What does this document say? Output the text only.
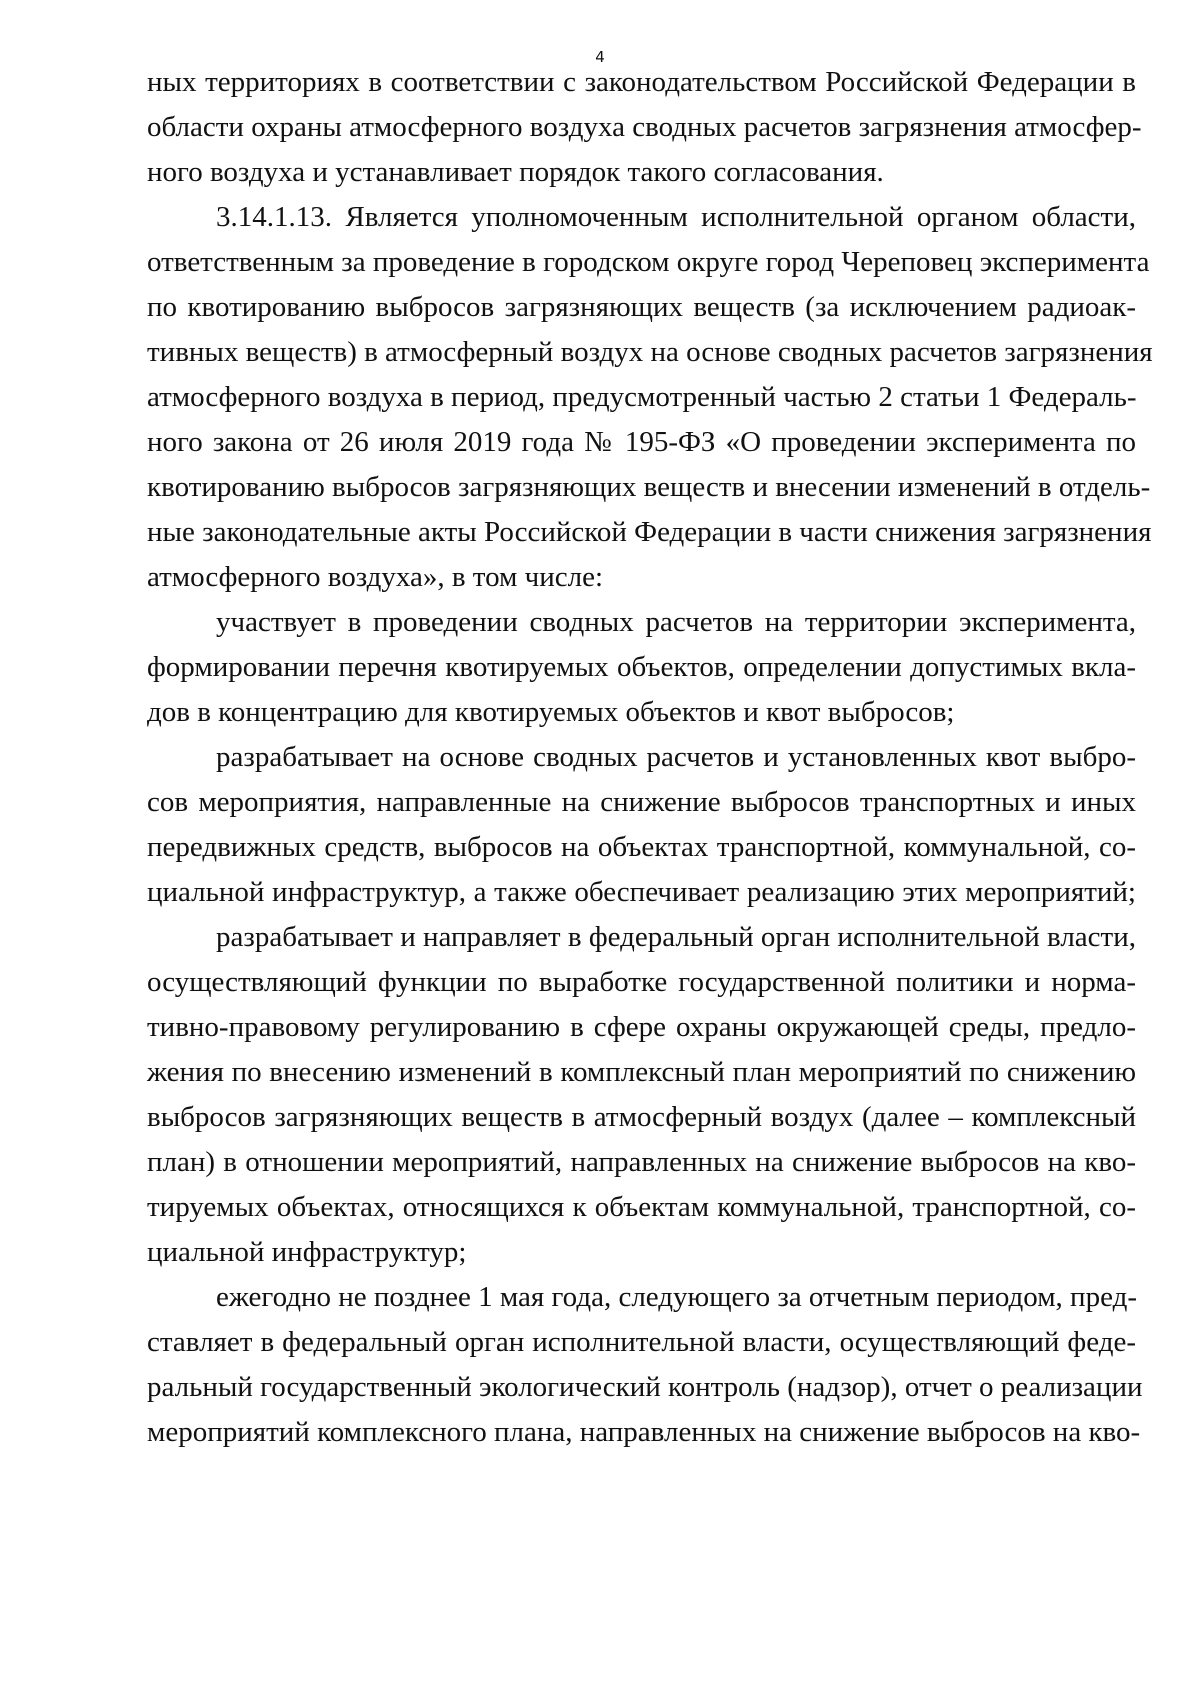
4
ных территориях в соответствии с законодательством Российской Федерации в
области охраны атмосферного воздуха сводных расчетов загрязнения атмосфер-
ного воздуха и устанавливает порядок такого согласования.
3.14.1.13. Является уполномоченным исполнительной органом области,
ответственным за проведение в городском округе город Череповец эксперимента
по квотированию выбросов загрязняющих веществ (за исключением радиоак-
тивных веществ) в атмосферный воздух на основе сводных расчетов загрязнения
атмосферного воздуха в период, предусмотренный частью 2 статьи 1 Федераль-
ного закона от 26 июля 2019 года № 195-ФЗ «О проведении эксперимента по
квотированию выбросов загрязняющих веществ и внесении изменений в отдель-
ные законодательные акты Российской Федерации в части снижения загрязнения
атмосферного воздуха», в том числе:
участвует в проведении сводных расчетов на территории эксперимента,
формировании перечня квотируемых объектов, определении допустимых вкла-
дов в концентрацию для квотируемых объектов и квот выбросов;
разрабатывает на основе сводных расчетов и установленных квот выбро-
сов мероприятия, направленные на снижение выбросов транспортных и иных
передвижных средств, выбросов на объектах транспортной, коммунальной, со-
циальной инфраструктур, а также обеспечивает реализацию этих мероприятий;
разрабатывает и направляет в федеральный орган исполнительной власти,
осуществляющий функции по выработке государственной политики и норма-
тивно-правовому регулированию в сфере охраны окружающей среды, предло-
жения по внесению изменений в комплексный план мероприятий по снижению
выбросов загрязняющих веществ в атмосферный воздух (далее – комплексный
план) в отношении мероприятий, направленных на снижение выбросов на кво-
тируемых объектах, относящихся к объектам коммунальной, транспортной, со-
циальной инфраструктур;
ежегодно не позднее 1 мая года, следующего за отчетным периодом, пред-
ставляет в федеральный орган исполнительной власти, осуществляющий феде-
ральный государственный экологический контроль (надзор), отчет о реализации
мероприятий комплексного плана, направленных на снижение выбросов на кво-
